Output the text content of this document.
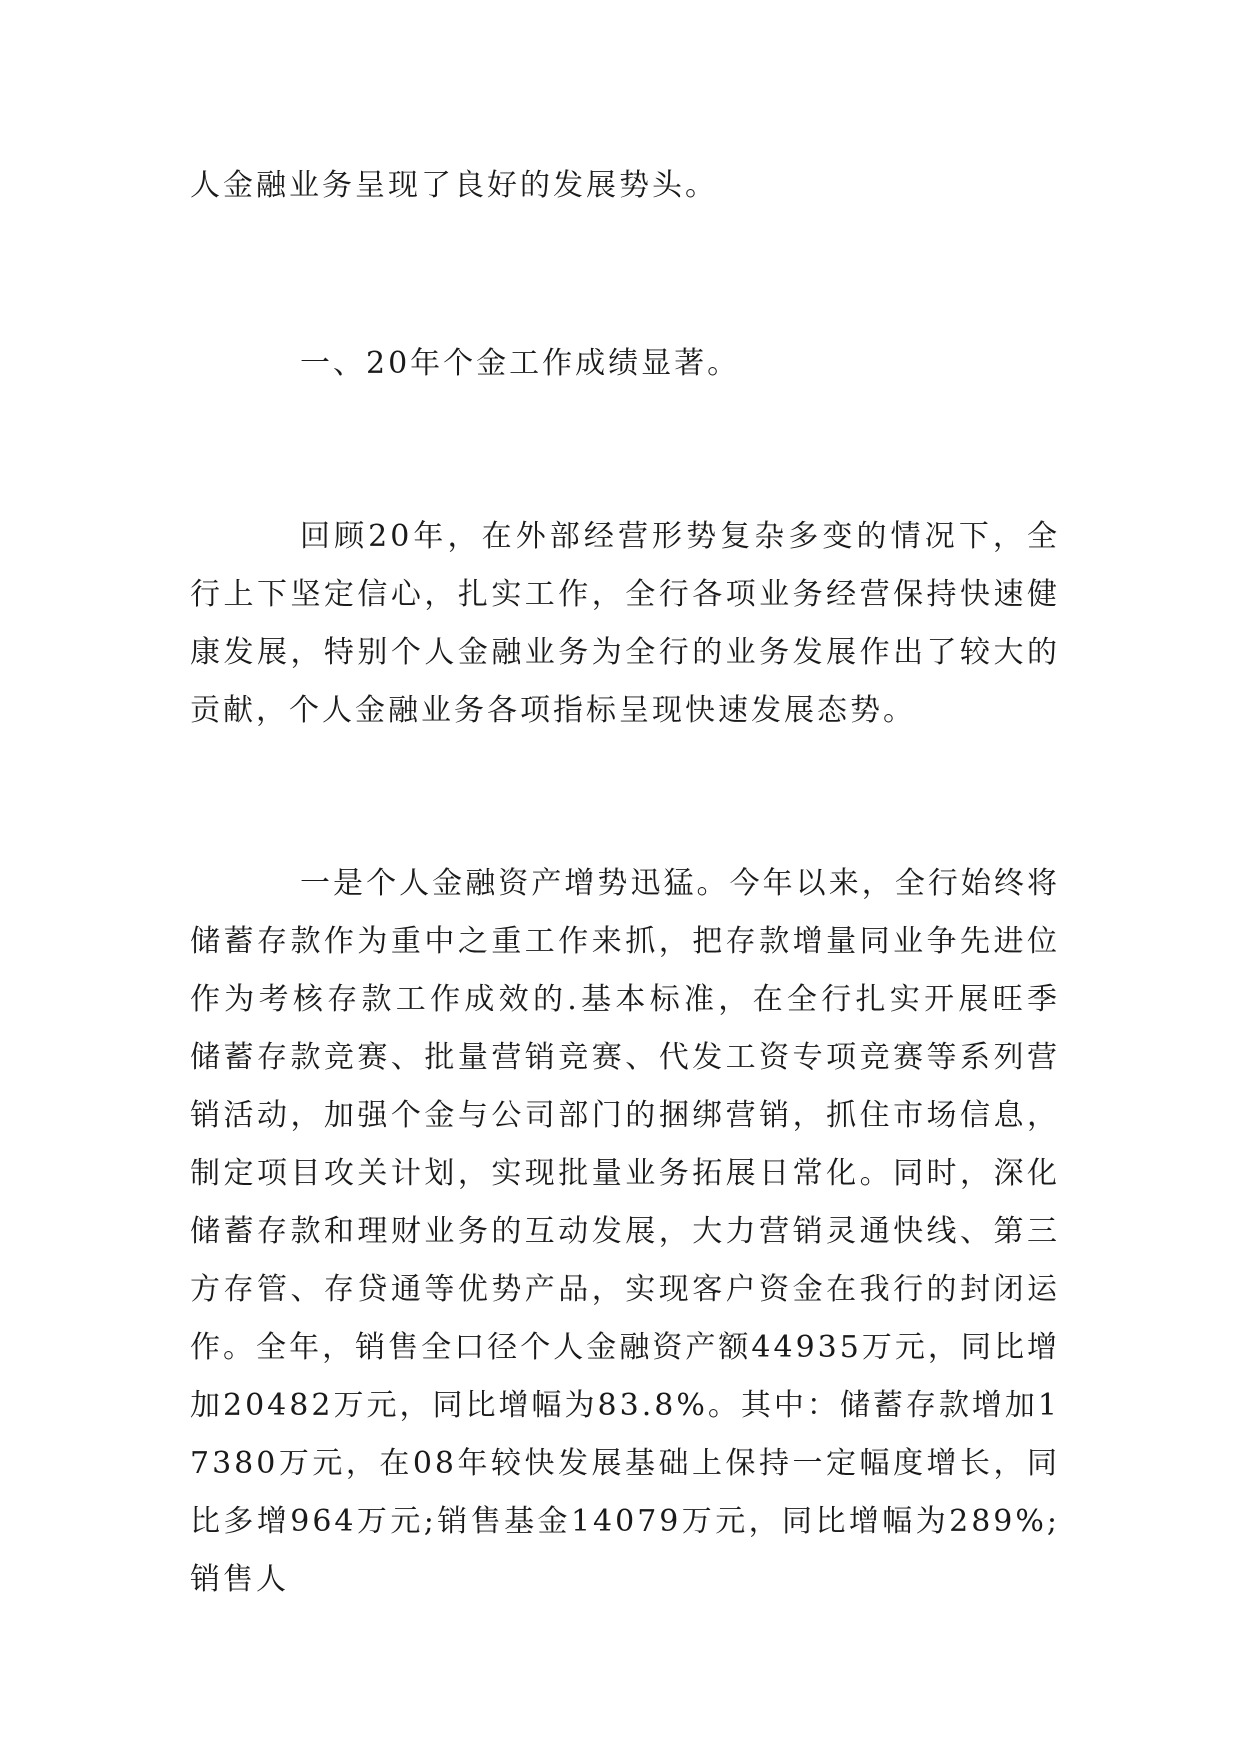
人金融业务呈现了良好的发展势头。

一、20年个金工作成绩显著。

回顾20年，在外部经营形势复杂多变的情况下，全行上下坚定信心，扎实工作，全行各项业务经营保持快速健康发展，特别个人金融业务为全行的业务发展作出了较大的贡献，个人金融业务各项指标呈现快速发展态势。

一是个人金融资产增势迅猛。今年以来，全行始终将储蓄存款作为重中之重工作来抓，把存款增量同业争先进位作为考核存款工作成效的.基本标准，在全行扎实开展旺季储蓄存款竞赛、批量营销竞赛、代发工资专项竞赛等系列营销活动，加强个金与公司部门的捆绑营销，抓住市场信息，制定项目攻关计划，实现批量业务拓展日常化。同时，深化储蓄存款和理财业务的互动发展，大力营销灵通快线、第三方存管、存贷通等优势产品，实现客户资金在我行的封闭运作。全年，销售全口径个人金融资产额44935万元，同比增加20482万元，同比增幅为83.8%。其中：储蓄存款增加17380万元，在08年较快发展基础上保持一定幅度增长，同比多增964万元;销售基金14079万元，同比增幅为289%;销售人
